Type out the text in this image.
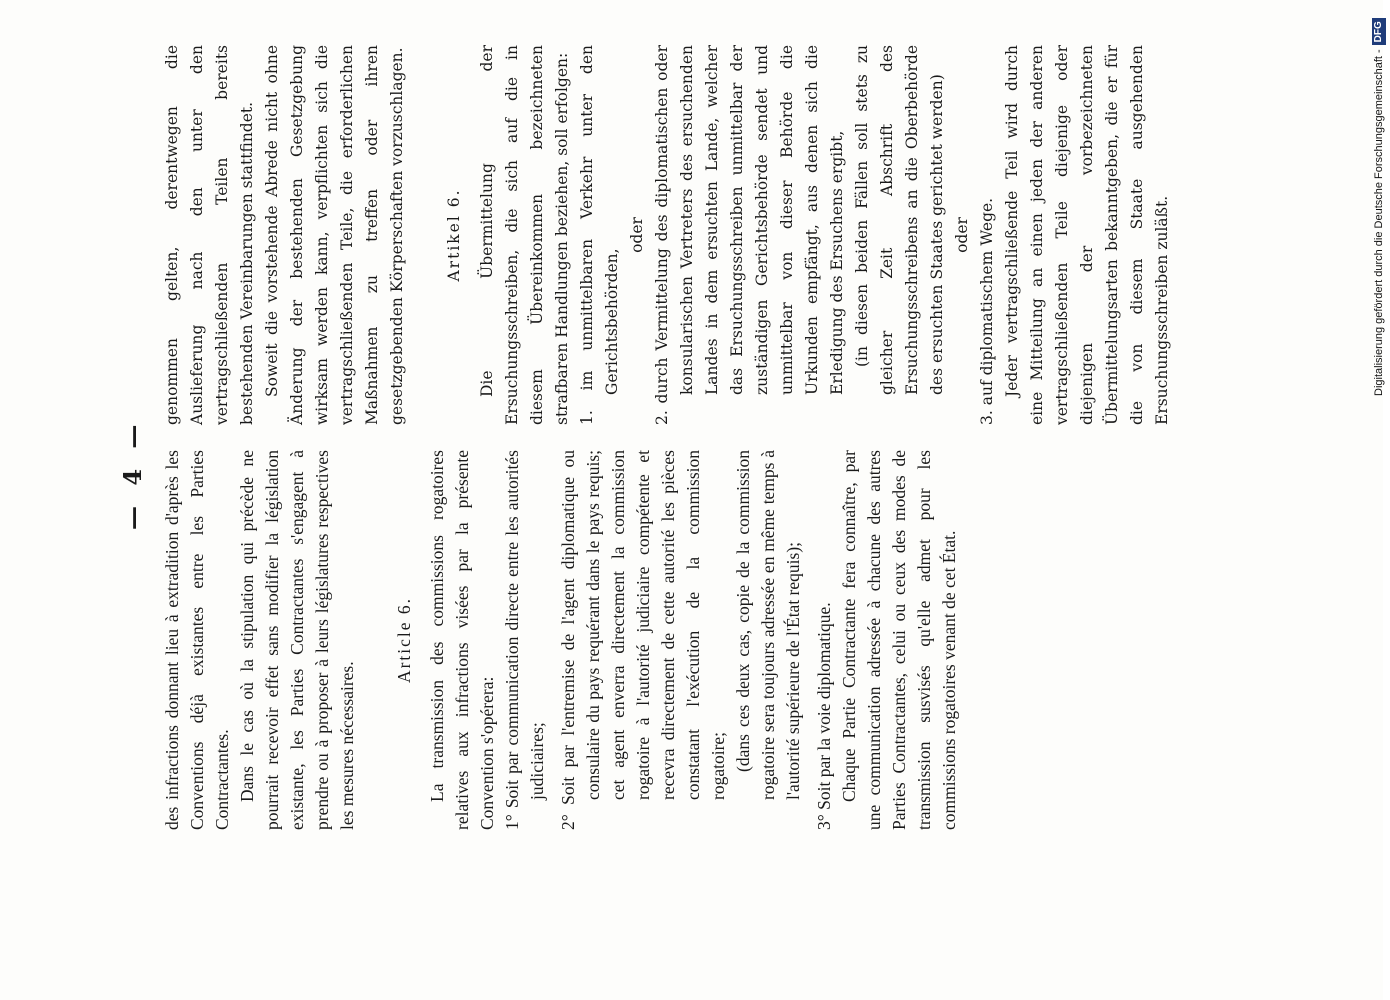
— 4 — des infractions donnant lieu à extradition d'après les Conventions déjà existantes entre les Parties Contractantes. Dans le cas où la stipulation qui précède ne pourrait recevoir effet sans modifier la législation existante, les Parties Contractantes s'engagent à prendre ou à proposer à leurs législatures respectives les mesures nécessaires.

Article 6. La transmission des commissions rogatoires relatives aux infractions visées par la présente Convention s'opérera: 1° Soit par communication directe entre les autorités judiciaires; 2° Soit par l'entremise de l'agent diplomatique ou consulaire du pays requérant dans le pays requis; cet agent enverra directement la commission rogatoire à l'autorité judiciaire compétente et recevra directement de cette autorité les pièces constatant l'exécution de la commission rogatoire; (dans ces deux cas, copie de la commission rogatoire sera toujours adressée en même temps à l'autorité supérieure de l'État requis); 3° Soit par la voie diplomatique. Chaque Partie Contractante fera connaître, par une communication adressée à chacune des autres Parties Contractantes, celui ou ceux des modes de transmission susvisés qu'elle admet pour les commissions rogatoires venant de cet État.

genommen gelten, derentwegen die Auslieferung nach den unter den vertragschließenden Teilen bereits bestehenden Vereinbarungen stattfindet. Soweit die vorstehende Abrede nicht ohne Änderung der bestehenden Gesetzgebung wirksam werden kann, verpflichten sich die vertragschließenden Teile, die erforderlichen Maßnahmen zu treffen oder ihren gesetzgebenden Körperschaften vorzuschlagen.	Artikel 6. Die Übermittelung der Ersuchungsschreiben, die sich auf die in diesem Übereinkommen bezeichneten strafbaren Handlungen beziehen, soll erfolgen: 1. im unmittelbaren Verkehr unter den Gerichtsbehörden,

oder 2. durch Vermittelung des diplomatischen oder konsularischen Vertreters des ersuchenden Landes in dem ersuchten Lande, welcher das Ersuchungsschreiben unmittelbar der zuständigen Gerichtsbehörde sendet und unmittelbar von dieser Behörde die Urkunden empfängt, aus denen sich die Erledigung des Ersuchens ergibt, (in diesen beiden Fällen soll stets zu gleicher Zeit Abschrift des Ersuchungsschreibens an die Oberbehörde des ersuchten Staates gerichtet werden) oder 3. auf diplomatischem Wege. Jeder vertragschließende Teil wird durch eine Mitteilung an einen jeden der anderen vertragschließenden Teile diejenige oder diejenigen der vorbezeichneten Übermittelungsarten bekanntgeben, die er für die von diesem Staate ausgehenden Ersuchungsschreiben zuläßt.	Digitalisierung gefördert durch die Deutsche Forschungsgemeinschaft -DFG
